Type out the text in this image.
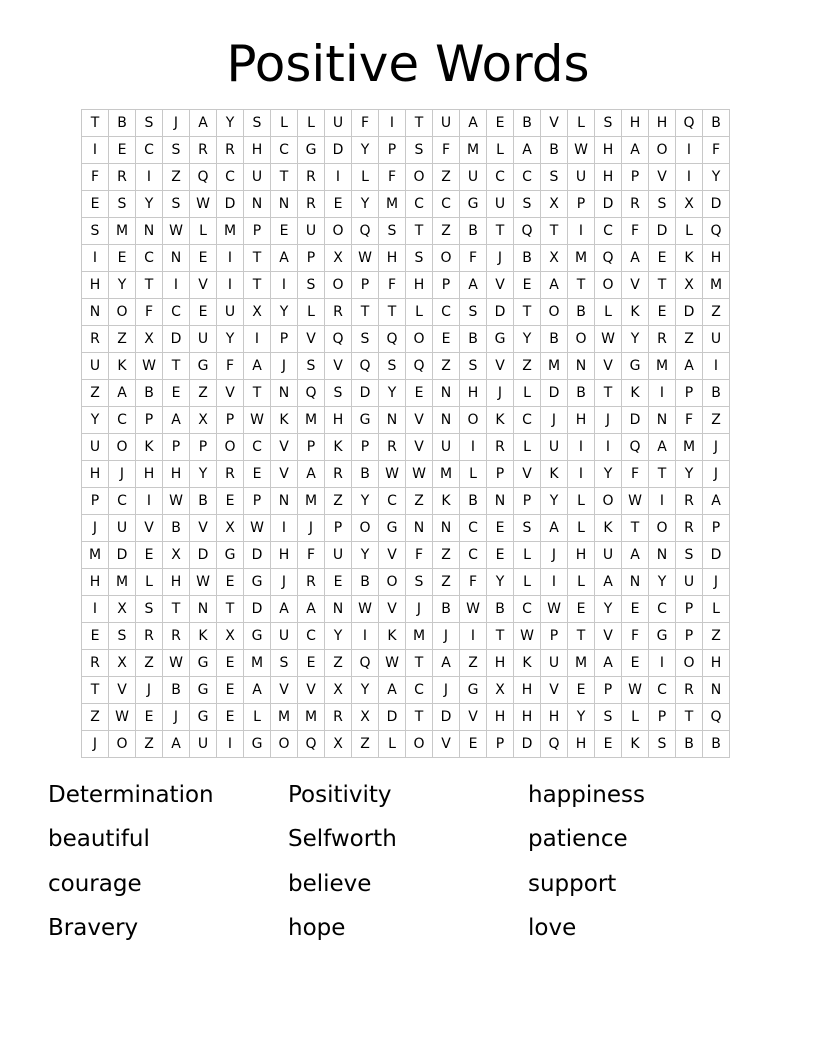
Positive Words
T	B	S	J	A	Y	S	L	L	U	F	I	T	U	A	E	B	V	L	S	H	H	Q	B
I	E	C	S	R	R	H	C	G	D	Y	P	S	F	M	L	A	B	W	H	A	O	I	F
F	R	I	Z	Q	C	U	T	R	I	L	F	O	Z	U	C	C	S	U	H	P	V	I	Y
E	S	Y	S	W	D	N	N	R	E	Y	M	C	C	G	U	S	X	P	D	R	S	X	D
S	M	N	W	L	M	P	E	U	O	Q	S	T	Z	B	T	Q	T	I	C	F	D	L	Q
I	E	C	N	E	I	T	A	P	X	W	H	S	O	F	J	B	X	M	Q	A	E	K	H
H	Y	T	I	V	I	T	I	S	O	P	F	H	P	A	V	E	A	T	O	V	T	X	M
N	O	F	C	E	U	X	Y	L	R	T	T	L	C	S	D	T	O	B	L	K	E	D	Z
R	Z	X	D	U	Y	I	P	V	Q	S	Q	O	E	B	G	Y	B	O	W	Y	R	Z	U
U	K	W	T	G	F	A	J	S	V	Q	S	Q	Z	S	V	Z	M	N	V	G	M	A	I
Z	A	B	E	Z	V	T	N	Q	S	D	Y	E	N	H	J	L	D	B	T	K	I	P	B
Y	C	P	A	X	P	W	K	M	H	G	N	V	N	O	K	C	J	H	J	D	N	F	Z
U	O	K	P	P	O	C	V	P	K	P	R	V	U	I	R	L	U	I	I	Q	A	M	J
H	J	H	H	Y	R	E	V	A	R	B	W	W	M	L	P	V	K	I	Y	F	T	Y	J
P	C	I	W	B	E	P	N	M	Z	Y	C	Z	K	B	N	P	Y	L	O	W	I	R	A
J	U	V	B	V	X	W	I	J	P	O	G	N	N	C	E	S	A	L	K	T	O	R	P
M	D	E	X	D	G	D	H	F	U	Y	V	F	Z	C	E	L	J	H	U	A	N	S	D
H	M	L	H	W	E	G	J	R	E	B	O	S	Z	F	Y	L	I	L	A	N	Y	U	J
I	X	S	T	N	T	D	A	A	N	W	V	J	B	W	B	C	W	E	Y	E	C	P	L
E	S	R	R	K	X	G	U	C	Y	I	K	M	J	I	T	W	P	T	V	F	G	P	Z
R	X	Z	W	G	E	M	S	E	Z	Q	W	T	A	Z	H	K	U	M	A	E	I	O	H
T	V	J	B	G	E	A	V	V	X	Y	A	C	J	G	X	H	V	E	P	W	C	R	N
Z	W	E	J	G	E	L	M	M	R	X	D	T	D	V	H	H	H	Y	S	L	P	T	Q
J	O	Z	A	U	I	G	O	Q	X	Z	L	O	V	E	P	D	Q	H	E	K	S	B	B
Determination	Positivity	happiness
beautiful	Selfworth	patience
courage	believe	support
Bravery	hope	love
